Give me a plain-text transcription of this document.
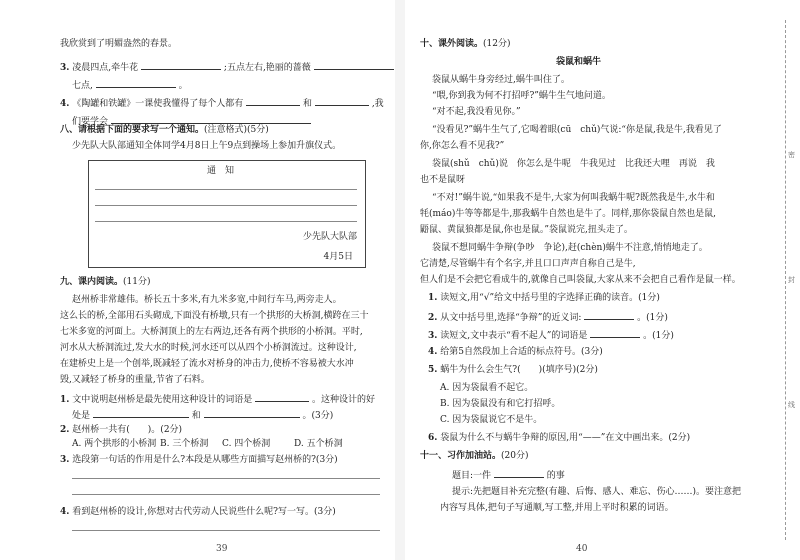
我欣赏到了明媚盎然的春景。
3. 凌晨四点,牵牛花	;五点左右,艳丽的蔷薇
七点,	。
4. 《陶罐和铁罐》一课使我懂得了每个人都有	和	,我
们要学会
八、请根据下面的要求写一个通知。(注意格式)(5分)
少先队大队部通知全体同学4月8日上午9点到操场上参加升旗仪式。
通　知
少先队大队部
4月5日
九、课内阅读。(11分)
赵州桥非常雄伟。桥长五十多米,有九米多宽,中间行车马,两旁走人。
这么长的桥,全部用石头砌成,下面没有桥墩,只有一个拱形的大桥洞,横跨在三十
七米多宽的河面上。大桥洞顶上的左右两边,还各有两个拱形的小桥洞。平时,
河水从大桥洞流过,发大水的时候,河水还可以从四个小桥洞流过。这种设计,
在建桥史上是一个创举,既减轻了流水对桥身的冲击力,使桥不容易被大水冲
毁,又减轻了桥身的重量,节省了石料。
1. 文中说明赵州桥是最先使用这种设计的词语是	。这种设计的好
处是	和	。(3分)
2. 赵州桥一共有(　　)。(2分)
A. 两个拱形的小桥洞 B. 三个桥洞 C. 四个桥洞	D. 五个桥洞
3. 选段第一句话的作用是什么?本段是从哪些方面描写赵州桥的?(3分)
4. 看到赵州桥的设计,你想对古代劳动人民说些什么呢?写一写。(3分)
39
十、课外阅读。(12分)
袋鼠和蜗牛
袋鼠从蜗牛身旁经过,蜗牛叫住了。
“喂,你到我为何不打招呼?”蜗牛生气地问道。
“对不起,我没看见你。”
“没看见?”蜗牛生气了,它喝着眼(cū　chǔ)气说:“你是鼠,我是牛,我看见了
你,你怎么看不见我?”
袋鼠(shǔ　chǔ)说　你怎么是牛呢　牛我见过　比我还大哩　再说　我
也不是鼠呀
“不对!”蜗牛说,“如果我不是牛,大家为何叫我蜗牛呢?既然我是牛,水牛和
牦(máo)牛等等都是牛,那我蜗牛自然也是牛了。同样,那你袋鼠自然也是鼠,
鼯鼠、黄鼠狼都是鼠,你也是鼠。”袋鼠说完,扭头走了。
袋鼠不想同蜗牛争辩(争吵　争论),赶(chèn)蜗牛不注意,悄悄地走了。
它清楚,尽管蜗牛有个名字,并且口口声声自称自己是牛,
但人们是不会把它看成牛的,就像自己叫袋鼠,大家从来不会把自己看作是鼠一样。
1. 读短文,用“√”给文中括号里的字选择正确的读音。(1分)
2. 从文中括号里,选择“争辩”的近义词:	。(1分)
3. 读短文,文中表示“看不起人”的词语是	。(1分)
4. 给第5自然段加上合适的标点符号。(3分)
5. 蜗牛为什么会生气?(　　)(填序号)(2分)
A. 因为袋鼠看不起它。
B. 因为袋鼠没有和它打招呼。
C. 因为袋鼠说它不是牛。
6. 袋鼠为什么不与蜗牛争辩的原因,用“——”在文中画出来。(2分)
十一、习作加油站。(20分)
题目:一件	的事
提示:先把题目补充完整(有趣、后悔、感人、难忘、伤心……)。要注意把
内容写具体,把句子写通顺,写工整,并用上平时积累的词语。
40
密
封
线
